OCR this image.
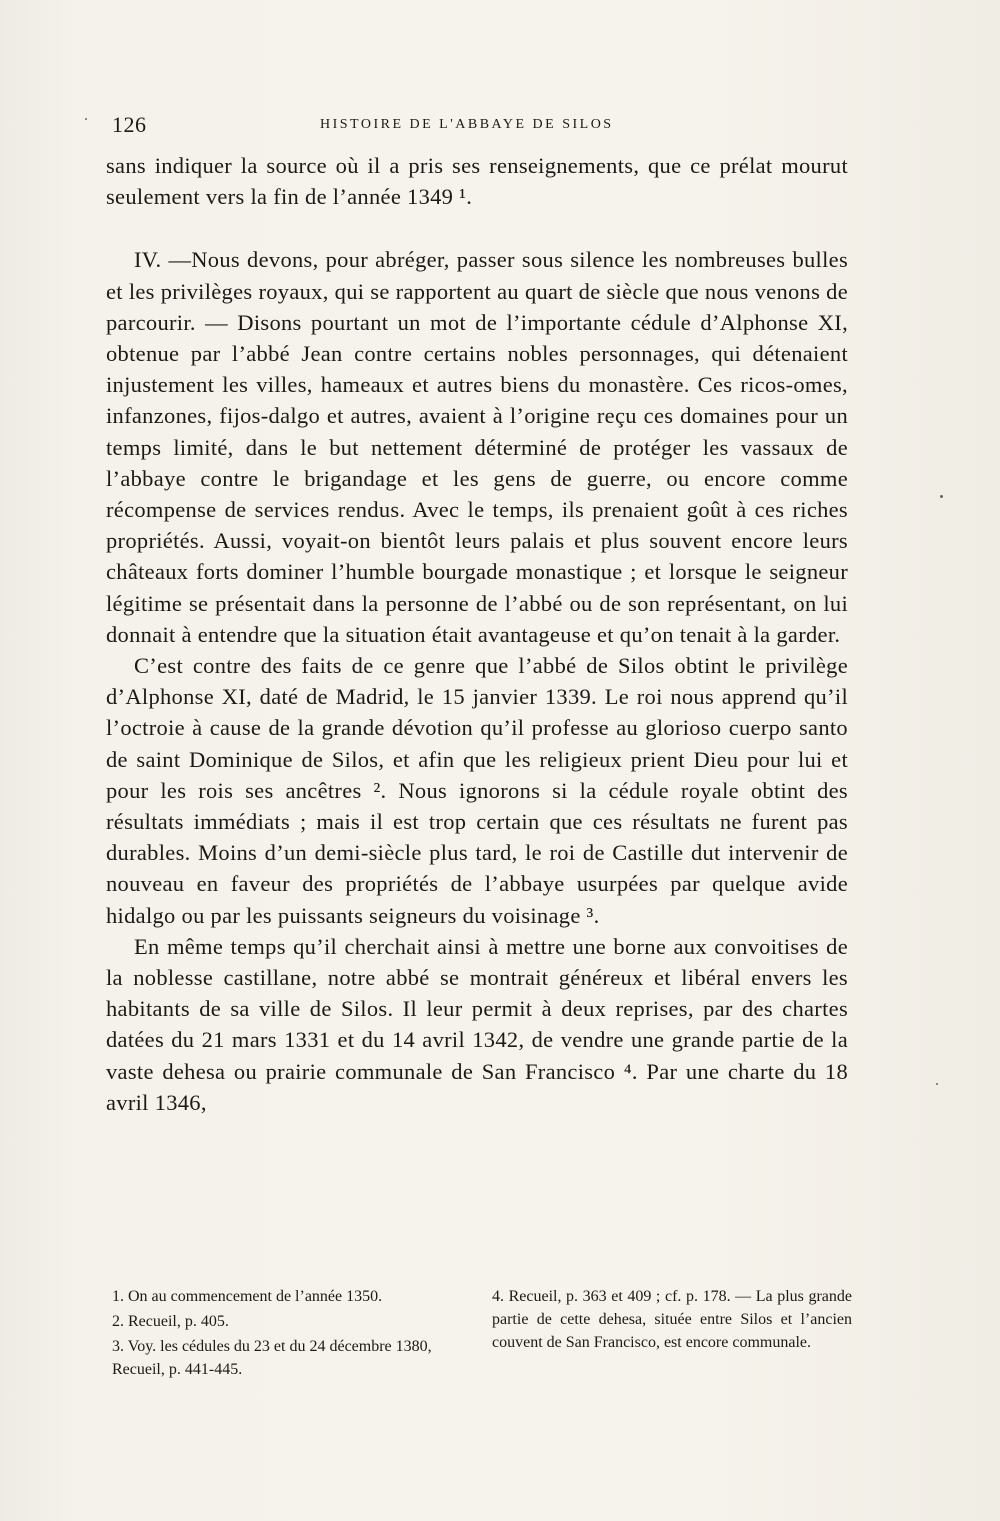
126	HISTOIRE DE L'ABBAYE DE SILOS

sans indiquer la source où il a pris ses renseignements, que ce prélat mourut seulement vers la fin de l’année 1349 ¹.

IV. —Nous devons, pour abréger, passer sous silence les nombreuses bulles et les privilèges royaux, qui se rapportent au quart de siècle que nous venons de parcourir. — Disons pourtant un mot de l’importante cédule d’Alphonse XI, obtenue par l’abbé Jean contre certains nobles personnages, qui détenaient injustement les villes, hameaux et autres biens du monastère. Ces ricos-omes, infanzones, fijos-dalgo et autres, avaient à l’origine reçu ces domaines pour un temps limité, dans le but nettement déterminé de protéger les vassaux de l’abbaye contre le brigandage et les gens de guerre, ou encore comme récompense de services rendus. Avec le temps, ils prenaient goût à ces riches propriétés. Aussi, voyait-on bientôt leurs palais et plus souvent encore leurs châteaux forts dominer l’humble bourgade monastique ; et lorsque le seigneur légitime se présentait dans la personne de l’abbé ou de son représentant, on lui donnait à entendre que la situation était avantageuse et qu’on tenait à la garder.

C’est contre des faits de ce genre que l’abbé de Silos obtint le privilège d’Alphonse XI, daté de Madrid, le 15 janvier 1339. Le roi nous apprend qu’il l’octroie à cause de la grande dévotion qu’il professe au glorioso cuerpo santo de saint Dominique de Silos, et afin que les religieux prient Dieu pour lui et pour les rois ses ancêtres ². Nous ignorons si la cédule royale obtint des résultats immédiats ; mais il est trop certain que ces résultats ne furent pas durables. Moins d’un demi-siècle plus tard, le roi de Castille dut intervenir de nouveau en faveur des propriétés de l’abbaye usurpées par quelque avide hidalgo ou par les puissants seigneurs du voisinage ³.

En même temps qu’il cherchait ainsi à mettre une borne aux convoitises de la noblesse castillane, notre abbé se montrait généreux et libéral envers les habitants de sa ville de Silos. Il leur permit à deux reprises, par des chartes datées du 21 mars 1331 et du 14 avril 1342, de vendre une grande partie de la vaste dehesa ou prairie communale de San Francisco ⁴. Par une charte du 18 avril 1346,

1. On au commencement de l’année 1350.

2. Recueil, p. 405.

3. Voy. les cédules du 23 et du 24 décembre 1380, Recueil, p. 441-445.

4. Recueil, p. 363 et 409 ; cf. p. 178. — La plus grande partie de cette dehesa, située entre Silos et l’ancien couvent de San Francisco, est encore communale.
